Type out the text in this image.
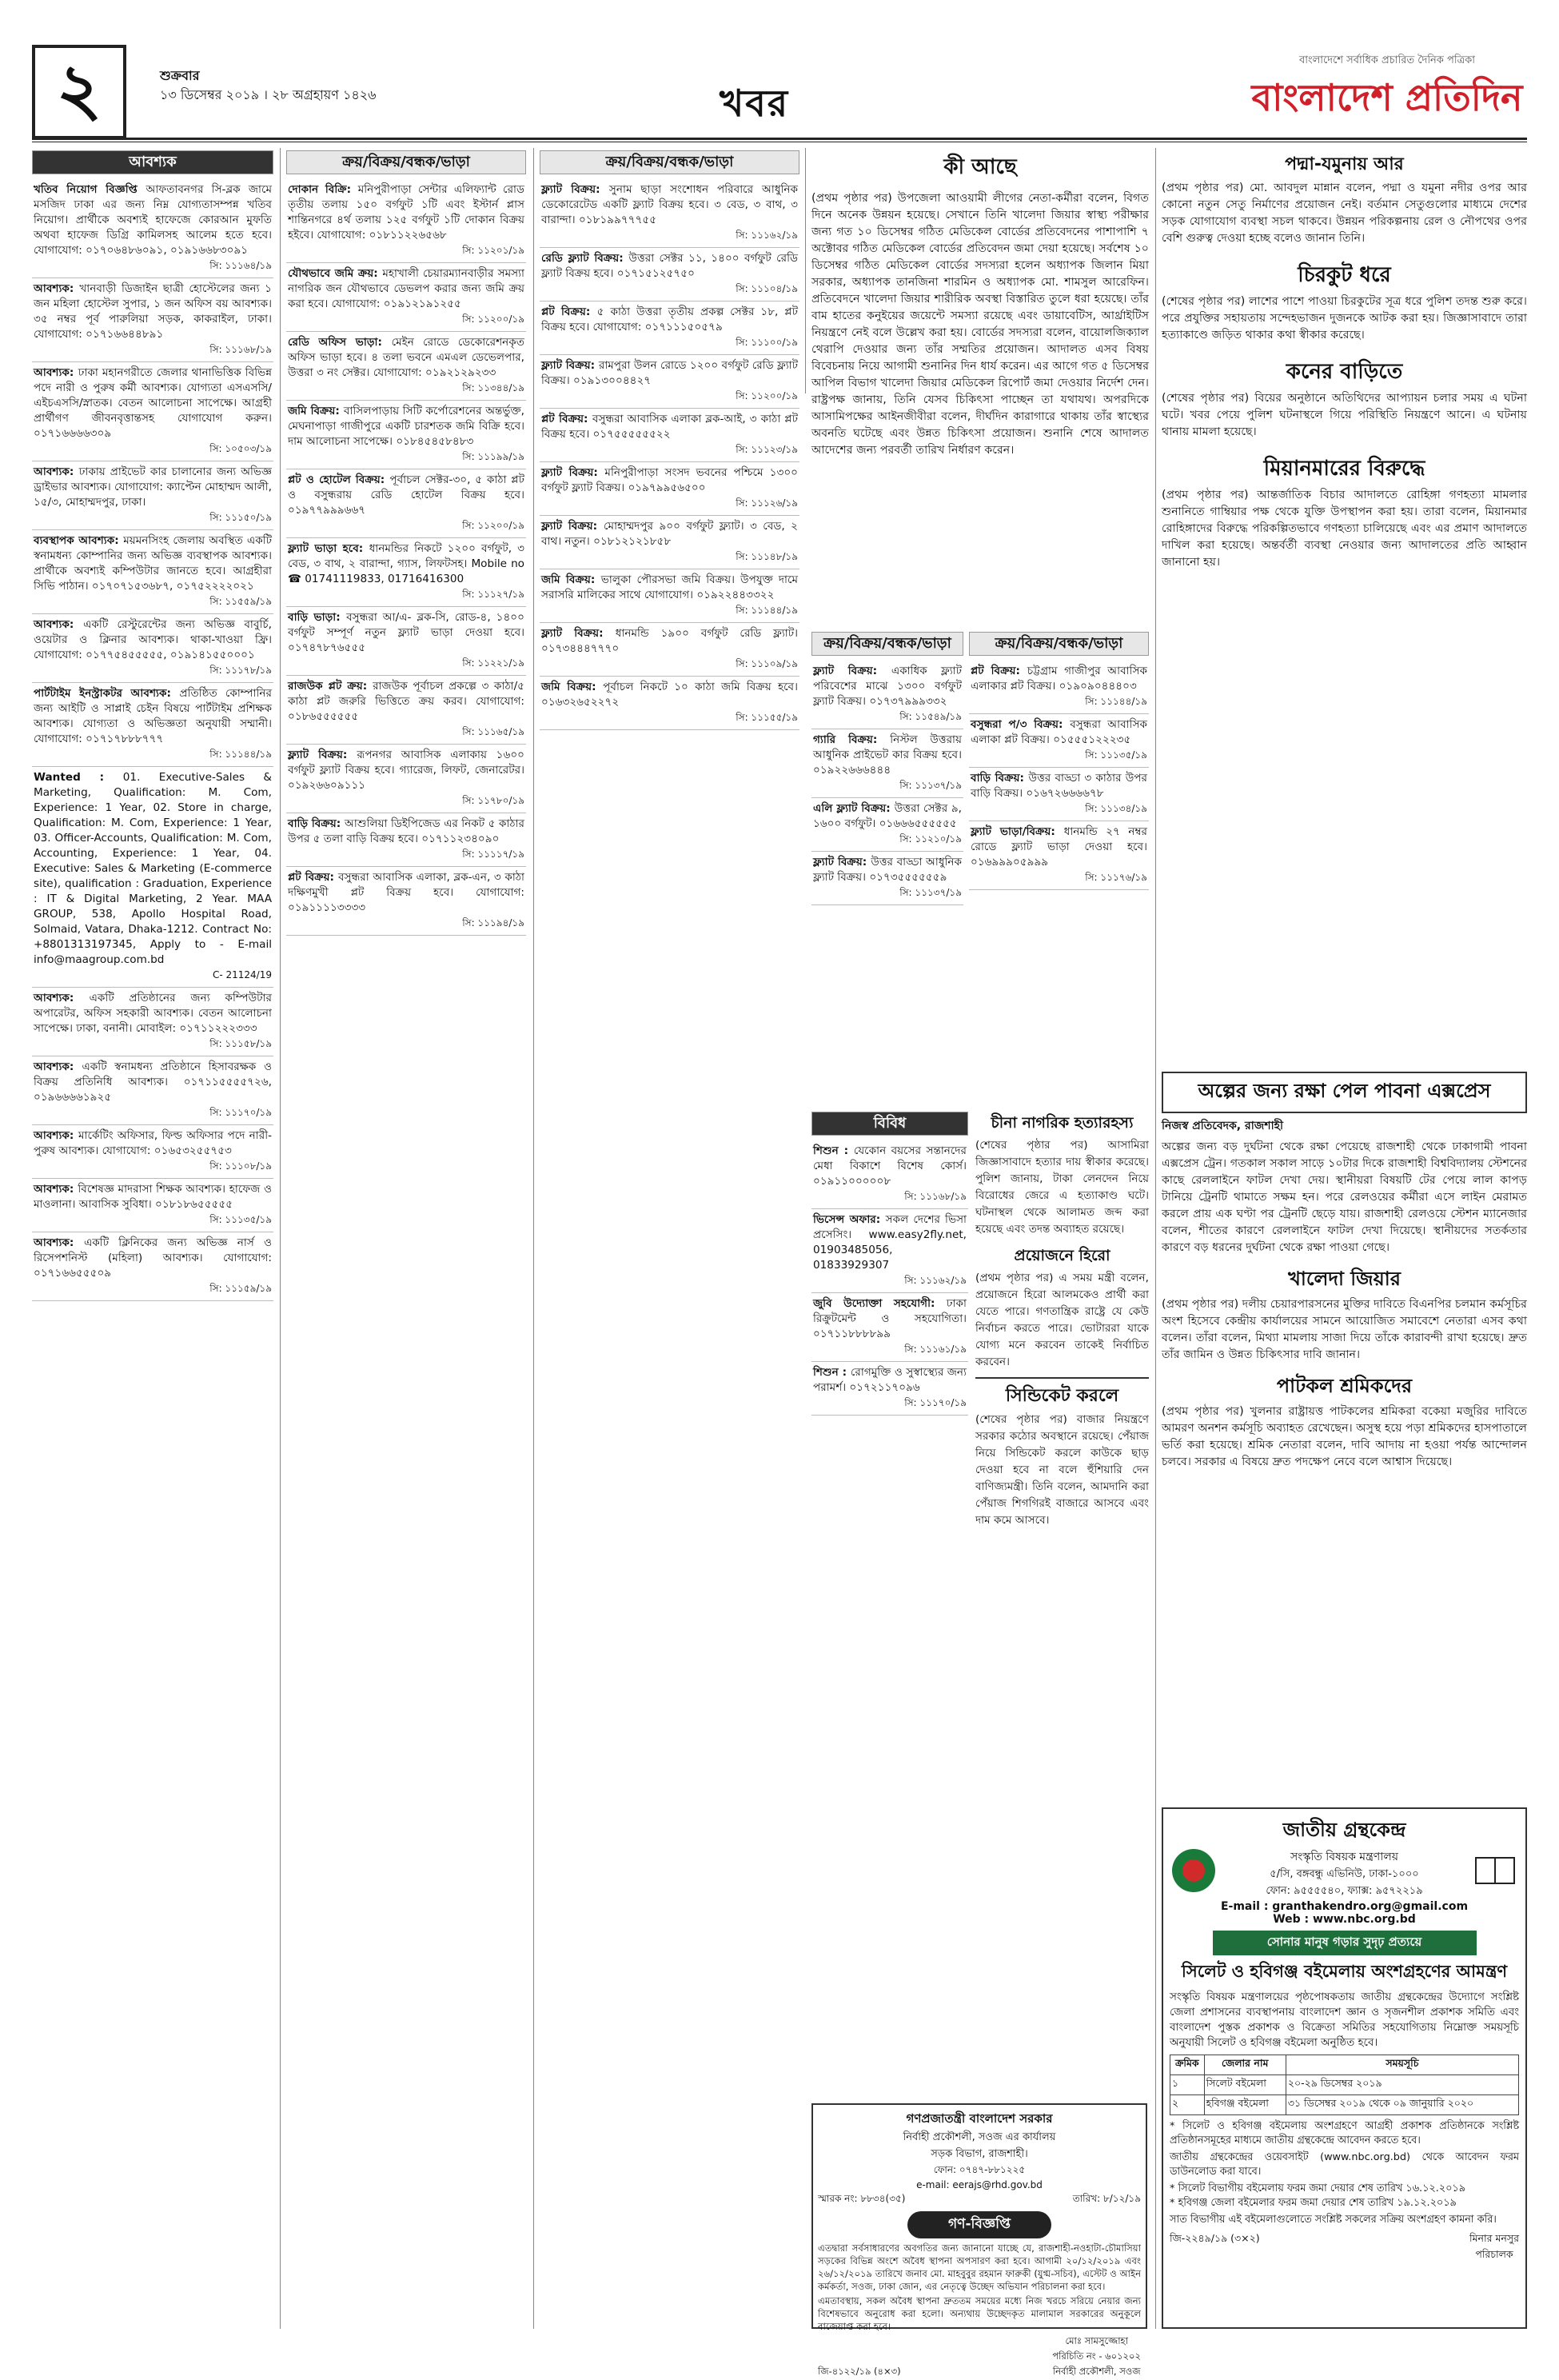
২	শুক্রবার
১৩ ডিসেম্বর ২০১৯ । ২৮ অগ্রহায়ণ ১৪২৬	খবর
বাংলাদেশে সর্বাধিক প্রচারিত দৈনিক পত্রিকা
বাংলাদেশ প্রতিদিন
আবশ্যক
খতিব নিয়োগ বিজ্ঞপ্তি আফতাবনগর সি-ব্লক জামে মসজিদ ঢাকা এর জন্য নিম্ন যোগ্যতাসম্পন্ন খতিব নিয়োগ। প্রার্থীকে অবশ্যই হাফেজে কোরআন মুফতি অথবা হাফেজ ডিগ্রি কামিলসহ আলেম হতে হবে। যোগাযোগ: ০১৭০৬৪৮৬০৯১, ০১৯১৬৬৮৩০৯১
সি: ১১১৬৪/১৯
আবশ্যক: খানবাড়ী ডিজাইন ছাত্রী হোস্টেলের জন্য ১ জন মহিলা হোস্টেল সুপার, ১ জন অফিস বয় আবশ্যক। ৩৫ নম্বর পূর্ব পারুলিয়া সড়ক, কাকরাইল, ঢাকা। যোগাযোগ: ০১৭১৬৬৪৪৮৯১
সি: ১১১৬৮/১৯
আবশ্যক: ঢাকা মহানগরীতে জেলার থানাভিত্তিক বিভিন্ন পদে নারী ও পুরুষ কর্মী আবশ্যক। যোগ্যতা এসএসসি/এইচএসসি/স্নাতক। বেতন আলোচনা সাপেক্ষে। আগ্রহী প্রার্থীগণ জীবনবৃত্তান্তসহ যোগাযোগ করুন। ০১৭১৬৬৬৬৩০৯
সি: ১০৫০৩/১৯
আবশ্যক: ঢাকায় প্রাইভেট কার চালানোর জন্য অভিজ্ঞ ড্রাইভার আবশ্যক। যোগাযোগ: ক্যাপ্টেন মোহাম্মদ আলী, ১৫/৩, মোহাম্মদপুর, ঢাকা।
সি: ১১১৫০/১৯
ব্যবস্থাপক আবশ্যক: ময়মনসিংহ জেলায় অবস্থিত একটি স্বনামধন্য কোম্পানির জন্য অভিজ্ঞ ব্যবস্থাপক আবশ্যক। প্রার্থীকে অবশ্যই কম্পিউটার জানতে হবে। আগ্রহীরা সিভি পাঠান। ০১৭০৭১৫৩৬৮৭, ০১৭৫২২২২০২১
সি: ১১৫৫৯/১৯
আবশ্যক: একটি রেস্টুরেন্টের জন্য অভিজ্ঞ বাবুর্চি, ওয়েটার ও ক্লিনার আবশ্যক। থাকা-খাওয়া ফ্রি। যোগাযোগ: ০১৭৭৫৪৫৫৫৫৫, ০১৯১৪১৫৫০০০১
সি: ১১১৭৮/১৯
পার্টটাইম ইনস্ট্রাকটর আবশ্যক: প্রতিষ্ঠিত কোম্পানির জন্য আইটি ও সাপ্লাই চেইন বিষয়ে পার্টটাইম প্রশিক্ষক আবশ্যক। যোগ্যতা ও অভিজ্ঞতা অনুযায়ী সম্মানী। যোগাযোগ: ০১৭১৭৮৮৮৭৭৭
সি: ১১১৪৪/১৯
Wanted : 01. Executive-Sales & Marketing, Qualification: M. Com, Experience: 1 Year, 02. Store in charge, Qualification: M. Com, Experience: 1 Year, 03. Officer-Accounts, Qualification: M. Com, Accounting, Experience: 1 Year, 04. Executive: Sales & Marketing (E-commerce site), qualification : Graduation, Experience : IT & Digital Marketing, 2 Year. MAA GROUP, 538, Apollo Hospital Road, Solmaid, Vatara, Dhaka-1212. Contract No: +8801313197345, Apply to - E-mail info@maagroup.com.bd
C- 21124/19
আবশ্যক: একটি প্রতিষ্ঠানের জন্য কম্পিউটার অপারেটর, অফিস সহকারী আবশ্যক। বেতন আলোচনা সাপেক্ষে। ঢাকা, বনানী। মোবাইল: ০১৭১১২২২৩৩৩
সি: ১১১৫৮/১৯
আবশ্যক: একটি স্বনামধন্য প্রতিষ্ঠানে হিসাবরক্ষক ও বিক্রয় প্রতিনিধি আবশ্যক। ০১৭১১৫৫৫৫৭২৬, ০১৯৬৬৬৬১৯২৫
সি: ১১১৭০/১৯
আবশ্যক: মার্কেটিং অফিসার, ফিল্ড অফিসার পদে নারী-পুরুষ আবশ্যক। যোগাযোগ: ০১৬৫৩২৫৫৭৫৩
সি: ১১১০৮/১৯
আবশ্যক: বিশেষজ্ঞ মাদরাসা শিক্ষক আবশ্যক। হাফেজ ও মাওলানা। আবাসিক সুবিধা। ০১৮১৮৬৫৫৫৫৫
সি: ১১১৩৫/১৯
আবশ্যক: একটি ক্লিনিকের জন্য অভিজ্ঞ নার্স ও রিসেপশনিস্ট (মহিলা) আবশ্যক। যোগাযোগ: ০১৭১৬৬৫৫৫০৯
সি: ১১১৫৯/১৯
ক্রয়/বিক্রয়/বন্ধক/ভাড়া
দোকান বিক্রি: মনিপুরীপাড়া সেন্টার এলিফ্যান্ট রোড তৃতীয় তলায় ১৫০ বর্গফুট ১টি এবং ইস্টার্ন প্লাস শান্তিনগরে ৪র্থ তলায় ১২৫ বর্গফুট ১টি দোকান বিক্রয় হইবে। যোগাযোগ: ০১৮১১২২৬৫৬৮
সি: ১১২০১/১৯
যৌথভাবে জমি ক্রয়: মহাখালী চেয়ারম্যানবাড়ীর সমস্যা নাগরিক জন যৌথভাবে ডেভলপ করার জন্য জমি ক্রয় করা হবে। যোগাযোগ: ০১৯১২১৯১২৫৫
সি: ১১২০০/১৯
রেডি অফিস ভাড়া: মেইন রোডে ডেকোরেশনকৃত অফিস ভাড়া হবে। ৪ তলা ভবনে এমএল ডেভেলপার, উত্তরা ৩ নং সেক্টর। যোগাযোগ: ০১৯২১২৯২৩৩
সি: ১১৩৪৪/১৯
জমি বিক্রয়: বাসিলপাড়ায় সিটি কর্পোরেশনের অন্তর্ভুক্ত, মেঘনাপাড়া গাজীপুরে একটি চারশতক জমি বিক্রি হবে। দাম আলোচনা সাপেক্ষে। ০১৮৪৫৪৫৮৪৮৩
সি: ১১১৯৯/১৯
প্লট ও হোটেল বিক্রয়: পূর্বাচল সেক্টর-৩০, ৫ কাঠা প্লট ও বসুন্ধরায় রেডি হোটেল বিক্রয় হবে। ০১৯৭৭৯৯৯৬৬৭
সি: ১১২০০/১৯
ফ্ল্যাট ভাড়া হবে: ধানমন্ডির নিকটে ১২০০ বর্গফুট, ৩ বেড, ৩ বাথ, ২ বারান্দা, গ্যাস, লিফটসহ। Mobile no ☎ 01741119833, 01716416300
সি: ১১১২৭/১৯
বাড়ি ভাড়া: বসুন্ধরা আ/এ- ব্লক-সি, রোড-৪, ১৪০০ বর্গফুট সম্পূর্ণ নতুন ফ্ল্যাট ভাড়া দেওয়া হবে। ০১৭৪৭৮৭৬৫৫৫
সি: ১১২২১/১৯
রাজউক প্লট ক্রয়: রাজউক পূর্বাচল প্রকল্পে ৩ কাঠা/৫ কাঠা প্লট জরুরি ভিত্তিতে ক্রয় করব। যোগাযোগ: ০১৮৬৫৫৫৫৫৫
সি: ১১১৬৫/১৯
ফ্ল্যাট বিক্রয়: রূপনগর আবাসিক এলাকায় ১৬০০ বর্গফুট ফ্ল্যাট বিক্রয় হবে। গ্যারেজ, লিফট, জেনারেটর। ০১৯২৬৬০৯১১১
সি: ১১৭৮০/১৯
বাড়ি বিক্রয়: আশুলিয়া ডিইপিজেড এর নিকট ৫ কাঠার উপর ৫ তলা বাড়ি বিক্রয় হবে। ০১৭১১২৩৪০৯০
সি: ১১১১৭/১৯
প্লট বিক্রয়: বসুন্ধরা আবাসিক এলাকা, ব্লক-এন, ৩ কাঠা দক্ষিণমুখী প্লট বিক্রয় হবে। যোগাযোগ: ০১৯১১১১৩৩৩৩
সি: ১১১৯৪/১৯
ক্রয়/বিক্রয়/বন্ধক/ভাড়া
ফ্ল্যাট বিক্রয়: সুনাম ছাড়া সংশোধন পরিবারে আধুনিক ডেকোরেটেড একটি ফ্ল্যাট বিক্রয় হবে। ৩ বেড, ৩ বাথ, ৩ বারান্দা। ০১৮১৯৯৭৭৭৫৫
সি: ১১১৬২/১৯
রেডি ফ্ল্যাট বিক্রয়: উত্তরা সেক্টর ১১, ১৪০০ বর্গফুট রেডি ফ্ল্যাট বিক্রয় হবে। ০১৭১৫১২৫৭৫০
সি: ১১১০৪/১৯
প্লট বিক্রয়: ৫ কাঠা উত্তরা তৃতীয় প্রকল্প সেক্টর ১৮, প্লট বিক্রয় হবে। যোগাযোগ: ০১৭১১১৫০৫৭৯
সি: ১১১০০/১৯
ফ্ল্যাট বিক্রয়: রামপুরা উলন রোডে ১২০০ বর্গফুট রেডি ফ্ল্যাট বিক্রয়। ০১৯১৩০০৪৪২৭
সি: ১১২০০/১৯
প্লট বিক্রয়: বসুন্ধরা আবাসিক এলাকা ব্লক-আই, ৩ কাঠা প্লট বিক্রয় হবে। ০১৭৫৫৫৫৫৫২২
সি: ১১১২৩/১৯
ফ্ল্যাট বিক্রয়: মনিপুরীপাড়া সংসদ ভবনের পশ্চিমে ১৩০০ বর্গফুট ফ্ল্যাট বিক্রয়। ০১৯৭৯৯৫৬৫০০
সি: ১১১২৬/১৯
ফ্ল্যাট বিক্রয়: মোহাম্মদপুর ৯০০ বর্গফুট ফ্ল্যাট। ৩ বেড, ২ বাথ। নতুন। ০১৮১২১২১৮৫৮
সি: ১১১৪৮/১৯
জমি বিক্রয়: ভালুকা পৌরসভা জমি বিক্রয়। উপযুক্ত দামে সরাসরি মালিকের সাথে যোগাযোগ। ০১৯২২৪৪৩৩২২
সি: ১১১৪৪/১৯
ফ্ল্যাট বিক্রয়: ধানমন্ডি ১৯০০ বর্গফুট রেডি ফ্ল্যাট। ০১৭৩৪৪৪৭৭৭০
সি: ১১১০৯/১৯
জমি বিক্রয়: পূর্বাচল নিকটে ১০ কাঠা জমি বিক্রয় হবে। ০১৬৩২৬৫২২৭২
সি: ১১১৫৫/১৯
কী আছে
(প্রথম পৃষ্ঠার পর) উপজেলা আওয়ামী লীগের নেতা-কর্মীরা বলেন, বিগত দিনে অনেক উন্নয়ন হয়েছে। সেখানে তিনি খালেদা জিয়ার স্বাস্থ্য পরীক্ষার জন্য গত ১০ ডিসেম্বর গঠিত মেডিকেল বোর্ডের প্রতিবেদনের পাশাপাশি ৭ অক্টোবর গঠিত মেডিকেল বোর্ডের প্রতিবেদন জমা দেয়া হয়েছে। সর্বশেষ ১০ ডিসেম্বর গঠিত মেডিকেল বোর্ডের সদস্যরা হলেন অধ্যাপক জিলান মিয়া সরকার, অধ্যাপক তানজিনা শারমিন ও অধ্যাপক মো. শামসুল আরেফিন। প্রতিবেদনে খালেদা জিয়ার শারীরিক অবস্থা বিস্তারিত তুলে ধরা হয়েছে। তাঁর বাম হাতের কনুইয়ের জয়েন্টে সমস্যা রয়েছে এবং ডায়াবেটিস, আর্থ্রাইটিস নিয়ন্ত্রণে নেই বলে উল্লেখ করা হয়। বোর্ডের সদস্যরা বলেন, বায়োলজিক্যাল থেরাপি দেওয়ার জন্য তাঁর সম্মতির প্রয়োজন। আদালত এসব বিষয় বিবেচনায় নিয়ে আগামী শুনানির দিন ধার্য করেন। এর আগে গত ৫ ডিসেম্বর আপিল বিভাগ খালেদা জিয়ার মেডিকেল রিপোর্ট জমা দেওয়ার নির্দেশ দেন। রাষ্ট্রপক্ষ জানায়, তিনি যেসব চিকিৎসা পাচ্ছেন তা যথাযথ। অপরদিকে আসামিপক্ষের আইনজীবীরা বলেন, দীর্ঘদিন কারাগারে থাকায় তাঁর স্বাস্থ্যের অবনতি ঘটেছে এবং উন্নত চিকিৎসা প্রয়োজন। শুনানি শেষে আদালত আদেশের জন্য পরবর্তী তারিখ নির্ধারণ করেন।
ক্রয়/বিক্রয়/বন্ধক/ভাড়া
ফ্ল্যাট বিক্রয়: একাধিক ফ্ল্যাট পরিবেশের মাঝে ১৩০০ বর্গফুট ফ্ল্যাট বিক্রয়। ০১৭৩৭৯৯৯৩৩২
সি: ১১৫৪৯/১৯
গ্যারি বিক্রয়: নিস্টল উত্তরায় আধুনিক প্রাইভেট কার বিক্রয় হবে। ০১৯২২৬৬৬৪৪৪
সি: ১১১৩৭/১৯
এলি ফ্ল্যাট বিক্রয়: উত্তরা সেক্টর ৯, ১৬০০ বর্গফুট। ০১৬৬৬৫৫৫৫৫৫
সি: ১১২১০/১৯
ফ্ল্যাট বিক্রয়: উত্তর বাড্ডা আধুনিক ফ্ল্যাট বিক্রয়। ০১৭৩৫৫৫৫৫৫৯
সি: ১১১৩৭/১৯
ক্রয়/বিক্রয়/বন্ধক/ভাড়া
প্লট বিক্রয়: চট্টগ্রাম গাজীপুর আবাসিক এলাকার প্লট বিক্রয়। ০১৯০৯০৪৪৪০৩
সি: ১১১৪৪/১৯
বসুন্ধরা প/৩ বিক্রয়: বসুন্ধরা আবাসিক এলাকা প্লট বিক্রয়। ০১৫৫৫১২২২৩৫
সি: ১১১৩৫/১৯
বাড়ি বিক্রয়: উত্তর বাড্ডা ৩ কাঠার উপর বাড়ি বিক্রয়। ০১৬৭২৬৬৬৬৭৮
সি: ১১১৩৪/১৯
ফ্ল্যাট ভাড়া/বিক্রয়: ধানমন্ডি ২৭ নম্বর রোডে ফ্ল্যাট ভাড়া দেওয়া হবে। ০১৬৯৯৯০৫৯৯৯
সি: ১১১৭৬/১৯
বিবিধ
শিশুন : যেকোন বয়সের সন্তানদের মেধা বিকাশে বিশেষ কোর্স। ০১৯১১০০০০০৮
সি: ১১১৬৮/১৯
ভিসেন্স অফার: সকল দেশের ভিসা প্রসেসিং। www.easy2fly.net, 01903485056, 01833929307
সি: ১১১৬২/১৯
জুবি উদ্যোক্তা সহযোগী: ঢাকা রিক্রুটমেন্ট ও সহযোগিতা। ০১৭১১৮৮৮৮৯৯
সি: ১১১৬১/১৯
শিশুন : রোগমুক্তি ও সুস্বাস্থ্যের জন্য পরামর্শ। ০১৭২১১৭০৯৬
সি: ১১১৭০/১৯
চীনা নাগরিক হত্যারহস্য
(শেষের পৃষ্ঠার পর) আসামিরা জিজ্ঞাসাবাদে হত্যার দায় স্বীকার করেছে। পুলিশ জানায়, টাকা লেনদেন নিয়ে বিরোধের জেরে এ হত্যাকাণ্ড ঘটে। ঘটনাস্থল থেকে আলামত জব্দ করা হয়েছে এবং তদন্ত অব্যাহত রয়েছে।
প্রয়োজনে হিরো
(প্রথম পৃষ্ঠার পর) এ সময় মন্ত্রী বলেন, প্রয়োজনে হিরো আলমকেও প্রার্থী করা যেতে পারে। গণতান্ত্রিক রাষ্ট্রে যে কেউ নির্বাচন করতে পারে। ভোটাররা যাকে যোগ্য মনে করবেন তাকেই নির্বাচিত করবেন।
সিন্ডিকেট করলে
(শেষের পৃষ্ঠার পর) বাজার নিয়ন্ত্রণে সরকার কঠোর অবস্থানে রয়েছে। পেঁয়াজ নিয়ে সিন্ডিকেট করলে কাউকে ছাড় দেওয়া হবে না বলে হুঁশিয়ারি দেন বাণিজ্যমন্ত্রী। তিনি বলেন, আমদানি করা পেঁয়াজ শিগগিরই বাজারে আসবে এবং দাম কমে আসবে।
পদ্মা-যমুনায় আর
(প্রথম পৃষ্ঠার পর) মো. আবদুল মান্নান বলেন, পদ্মা ও যমুনা নদীর ওপর আর কোনো নতুন সেতু নির্মাণের প্রয়োজন নেই। বর্তমান সেতুগুলোর মাধ্যমে দেশের সড়ক যোগাযোগ ব্যবস্থা সচল থাকবে। উন্নয়ন পরিকল্পনায় রেল ও নৌপথের ওপর বেশি গুরুত্ব দেওয়া হচ্ছে বলেও জানান তিনি।
চিরকুট ধরে
(শেষের পৃষ্ঠার পর) লাশের পাশে পাওয়া চিরকুটের সূত্র ধরে পুলিশ তদন্ত শুরু করে। পরে প্রযুক্তির সহায়তায় সন্দেহভাজন দুজনকে আটক করা হয়। জিজ্ঞাসাবাদে তারা হত্যাকাণ্ডে জড়িত থাকার কথা স্বীকার করেছে।
কনের বাড়িতে
(শেষের পৃষ্ঠার পর) বিয়ের অনুষ্ঠানে অতিথিদের আপ্যায়ন চলার সময় এ ঘটনা ঘটে। খবর পেয়ে পুলিশ ঘটনাস্থলে গিয়ে পরিস্থিতি নিয়ন্ত্রণে আনে। এ ঘটনায় থানায় মামলা হয়েছে।
মিয়ানমারের বিরুদ্ধে
(প্রথম পৃষ্ঠার পর) আন্তর্জাতিক বিচার আদালতে রোহিঙ্গা গণহত্যা মামলার শুনানিতে গাম্বিয়ার পক্ষ থেকে যুক্তি উপস্থাপন করা হয়। তারা বলেন, মিয়ানমার রোহিঙ্গাদের বিরুদ্ধে পরিকল্পিতভাবে গণহত্যা চালিয়েছে এবং এর প্রমাণ আদালতে দাখিল করা হয়েছে। অন্তর্বর্তী ব্যবস্থা নেওয়ার জন্য আদালতের প্রতি আহ্বান জানানো হয়।
গণপ্রজাতন্ত্রী বাংলাদেশ সরকার
নির্বাহী প্রকৌশলী, সওজ এর কার্যালয়
সড়ক বিভাগ, রাজশাহী।
ফোন: ০৭৪৭-৮৮১২২৫
e-mail: eerajs@rhd.gov.bd
স্মারক নং: ৮৮৩৪(৩৫)	তারিখ: ৮/১২/১৯
গণ-বিজ্ঞপ্তি
এতদ্বারা সর্বসাধারণের অবগতির জন্য জানানো যাচ্ছে যে, রাজশাহী-নওহাটা-চৌমাসিয়া সড়কের বিভিন্ন অংশে অবৈধ স্থাপনা অপসারণ করা হবে। আগামী ২০/১২/২০১৯ এবং ২৬/১২/২০১৯ তারিখে জনাব মো. মাহবুবুর রহমান ফারুকী (যুগ্ম-সচিব), এস্টেট ও আইন কর্মকর্তা, সওজ, ঢাকা জোন, এর নেতৃত্বে উচ্ছেদ অভিযান পরিচালনা করা হবে।
এমতাবস্থায়, সকল অবৈধ স্থাপনা দ্রুততম সময়ের মধ্যে নিজ খরচে সরিয়ে নেয়ার জন্য বিশেষভাবে অনুরোধ করা হলো। অন্যথায় উচ্ছেদকৃত মালামাল সরকারের অনুকূলে বাজেয়াপ্ত করা হবে।
জি-৪১২২/১৯ (৪×৩)
মোঃ সামসুজ্জোহা
পরিচিতি নং - ৬০১২০২
নির্বাহী প্রকৌশলী, সওজ
জাতীয় গ্রন্থকেন্দ্র
সংস্কৃতি বিষয়ক মন্ত্রণালয়
৫/সি, বঙ্গবন্ধু এভিনিউ, ঢাকা-১০০০
ফোন: ৯৫৫৫৫৪০, ফ্যাক্স: ৯৫৭২২১৯
E-mail : granthakendro.org@gmail.com
Web : www.nbc.org.bd
সোনার মানুষ গড়ার সুদৃঢ় প্রত্যয়ে
সিলেট ও হবিগঞ্জ বইমেলায় অংশগ্রহণের আমন্ত্রণ
সংস্কৃতি বিষয়ক মন্ত্রণালয়ের পৃষ্ঠপোষকতায় জাতীয় গ্রন্থকেন্দ্রের উদ্যোগে সংশ্লিষ্ট জেলা প্রশাসনের ব্যবস্থাপনায় বাংলাদেশ জ্ঞান ও সৃজনশীল প্রকাশক সমিতি এবং বাংলাদেশ পুস্তক প্রকাশক ও বিক্রেতা সমিতির সহযোগিতায় নিম্নোক্ত সময়সূচি অনুযায়ী সিলেট ও হবিগঞ্জ বইমেলা অনুষ্ঠিত হবে।
ক্রমিক	জেলার নাম	সময়সূচি
১	সিলেট বইমেলা	২০-২৯ ডিসেম্বর ২০১৯
২	হবিগঞ্জ বইমেলা	৩১ ডিসেম্বর ২০১৯ থেকে ০৯ জানুয়ারি ২০২০
* সিলেট ও হবিগঞ্জ বইমেলায় অংশগ্রহণে আগ্রহী প্রকাশক প্রতিষ্ঠানকে সংশ্লিষ্ট প্রতিষ্ঠানসমূহের মাধ্যমে জাতীয় গ্রন্থকেন্দ্রে আবেদন করতে হবে।
জাতীয় গ্রন্থকেন্দ্রের ওয়েবসাইট (www.nbc.org.bd) থেকে আবেদন ফরম ডাউনলোড করা যাবে।
* সিলেট বিভাগীয় বইমেলায় ফরম জমা দেয়ার শেষ তারিখ ১৬.১২.২০১৯
* হবিগঞ্জ জেলা বইমেলার ফরম জমা দেয়ার শেষ তারিখ ১৯.১২.২০১৯
সাত বিভাগীয় এই বইমেলাগুলোতে সংশ্লিষ্ট সকলের সক্রিয় অংশগ্রহণ কামনা করি।
জি-২২৪৯/১৯ (৩×২)	মিনার মনসুর
পরিচালক
অল্পের জন্য রক্ষা পেল পাবনা এক্সপ্রেস
নিজস্ব প্রতিবেদক, রাজশাহী
অল্পের জন্য বড় দুর্ঘটনা থেকে রক্ষা পেয়েছে রাজশাহী থেকে ঢাকাগামী পাবনা এক্সপ্রেস ট্রেন। গতকাল সকাল সাড়ে ১০টার দিকে রাজশাহী বিশ্ববিদ্যালয় স্টেশনের কাছে রেললাইনে ফাটল দেখা দেয়। স্থানীয়রা বিষয়টি টের পেয়ে লাল কাপড় টানিয়ে ট্রেনটি থামাতে সক্ষম হন। পরে রেলওয়ের কর্মীরা এসে লাইন মেরামত করলে প্রায় এক ঘণ্টা পর ট্রেনটি ছেড়ে যায়। রাজশাহী রেলওয়ে স্টেশন ম্যানেজার বলেন, শীতের কারণে রেললাইনে ফাটল দেখা দিয়েছে। স্থানীয়দের সতর্কতার কারণে বড় ধরনের দুর্ঘটনা থেকে রক্ষা পাওয়া গেছে।
খালেদা জিয়ার
(প্রথম পৃষ্ঠার পর) দলীয় চেয়ারপারসনের মুক্তির দাবিতে বিএনপির চলমান কর্মসূচির অংশ হিসেবে কেন্দ্রীয় কার্যালয়ের সামনে আয়োজিত সমাবেশে নেতারা এসব কথা বলেন। তাঁরা বলেন, মিথ্যা মামলায় সাজা দিয়ে তাঁকে কারাবন্দী রাখা হয়েছে। দ্রুত তাঁর জামিন ও উন্নত চিকিৎসার দাবি জানান।
পাটকল শ্রমিকদের
(প্রথম পৃষ্ঠার পর) খুলনার রাষ্ট্রায়ত্ত পাটকলের শ্রমিকরা বকেয়া মজুরির দাবিতে আমরণ অনশন কর্মসূচি অব্যাহত রেখেছেন। অসুস্থ হয়ে পড়া শ্রমিকদের হাসপাতালে ভর্তি করা হয়েছে। শ্রমিক নেতারা বলেন, দাবি আদায় না হওয়া পর্যন্ত আন্দোলন চলবে। সরকার এ বিষয়ে দ্রুত পদক্ষেপ নেবে বলে আশ্বাস দিয়েছে।
